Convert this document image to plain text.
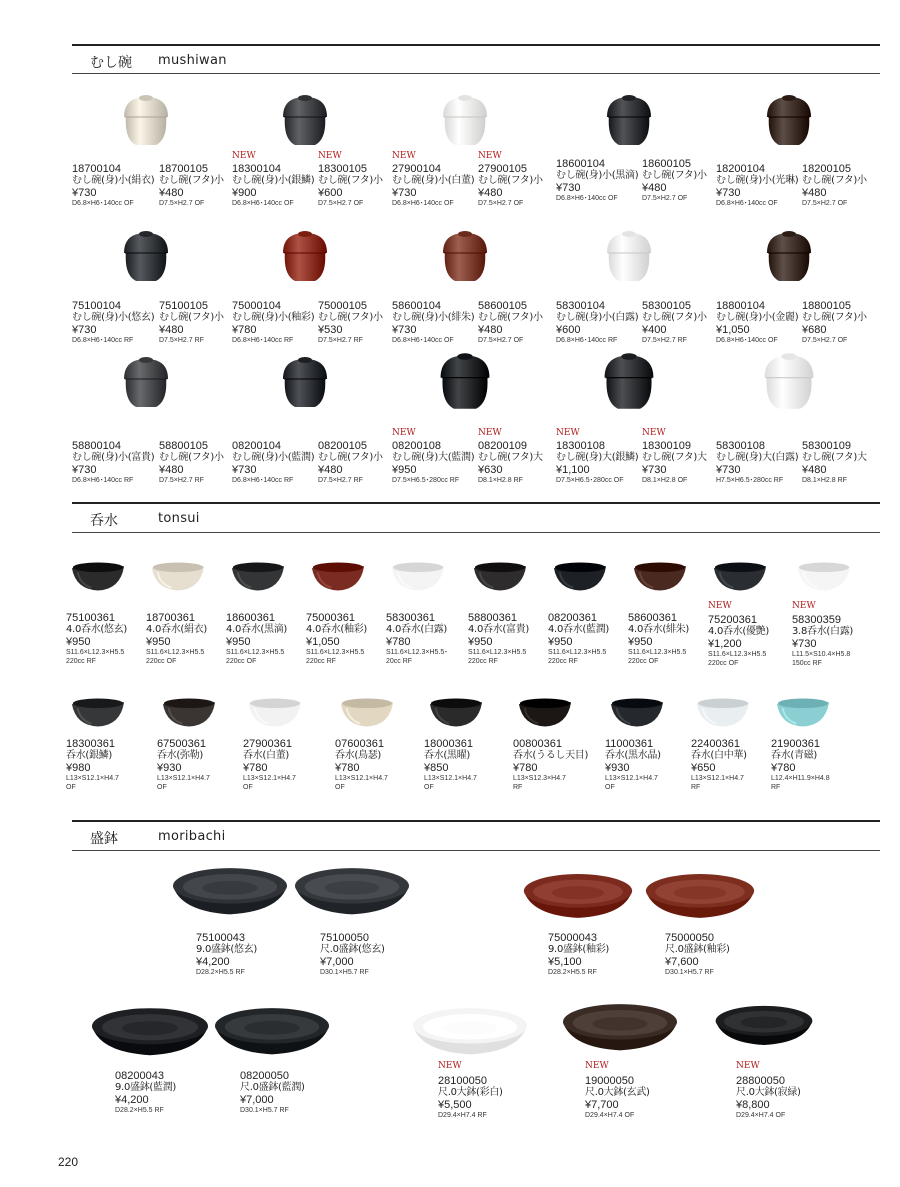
むし碗 mushiwan
呑水	tonsui
盛鉢	moribachi
18700104
むし碗(身)小(絹衣)
¥730
D6.8×H6･140cc OF
18700105
むし碗(フタ)小
¥480
D7.5×H2.7 OF
18300104
むし碗(身)小(銀鱗)
¥900
D6.8×H6･140cc OF
NEW
18300105
むし碗(フタ)小
¥600
D7.5×H2.7 OF
NEW
27900104
むし碗(身)小(白董)
¥730
D6.8×H6･140cc OF
NEW
27900105
むし碗(フタ)小
¥480
D7.5×H2.7 OF
NEW
18600104
むし碗(身)小(黒滴)
¥730
D6.8×H6･140cc OF
18600105
むし碗(フタ)小
¥480
D7.5×H2.7 OF
18200104
むし碗(身)小(光琳)
¥730
D6.8×H6･140cc OF
18200105
むし碗(フタ)小
¥480
D7.5×H2.7 OF
75100104
むし碗(身)小(悠玄)
¥730
D6.8×H6･140cc RF
75100105
むし碗(フタ)小
¥480
D7.5×H2.7 RF
75000104
むし碗(身)小(釉彩)
¥780
D6.8×H6･140cc RF
75000105
むし碗(フタ)小
¥530
D7.5×H2.7 RF
58600104
むし碗(身)小(緋朱)
¥730
D6.8×H6･140cc OF
58600105
むし碗(フタ)小
¥480
D7.5×H2.7 OF
58300104
むし碗(身)小(白露)
¥600
D6.8×H6･140cc RF
58300105
むし碗(フタ)小
¥400
D7.5×H2.7 RF
18800104
むし碗(身)小(金麗)
¥1,050
D6.8×H6･140cc OF
18800105
むし碗(フタ)小
¥680
D7.5×H2.7 OF
58800104
むし碗(身)小(富貴)
¥730
D6.8×H6･140cc RF
58800105
むし碗(フタ)小
¥480
D7.5×H2.7 RF
08200104
むし碗(身)小(藍潤)
¥730
D6.8×H6･140cc RF
08200105
むし碗(フタ)小
¥480
D7.5×H2.7 RF
08200108
むし碗(身)大(藍潤)
¥950
D7.5×H6.5･280cc RF
NEW
08200109
むし碗(フタ)大
¥630
D8.1×H2.8 RF
NEW
18300108
むし碗(身)大(銀鱗)
¥1,100
D7.5×H6.5･280cc OF
NEW
18300109
むし碗(フタ)大
¥730
D8.1×H2.8 OF
NEW
58300108
むし碗(身)大(白露)
¥730
H7.5×H6.5･280cc RF
58300109
むし碗(フタ)大
¥480
D8.1×H2.8 RF
75100361
4.0呑水(悠玄)
¥950
S11.6×L12.3×H5.5
220cc RF
18700361
4.0呑水(絹衣)
¥950
S11.6×L12.3×H5.5
220cc OF
18600361
4.0呑水(黒滴)
¥950
S11.6×L12.3×H5.5
220cc OF
75000361
4.0呑水(釉彩)
¥1,050
S11.6×L12.3×H5.5
220cc RF
58300361
4.0呑水(白露)
¥780
S11.6×L12.3×H5.5･
20cc RF
58800361
4.0呑水(富貴)
¥950
S11.6×L12.3×H5.5
220cc RF
08200361
4.0呑水(藍潤)
¥950
S11.6×L12.3×H5.5
220cc RF
58600361
4.0呑水(緋朱)
¥950
S11.6×L12.3×H5.5
220cc OF
75200361
4.0呑水(優艶)
¥1,200
S11.6×L12.3×H5.5
220cc OF
NEW
58300359
3.8呑水(白露)
¥730
L11.5×S10.4×H5.8
150cc RF
NEW
18300361
呑水(銀鱗)
¥980
L13×S12.1×H4.7
OF
67500361
呑水(弥勒)
¥930
L13×S12.1×H4.7
OF
27900361
呑水(白董)
¥780
L13×S12.1×H4.7
OF
07600361
呑水(鳥瑟)
¥780
L13×S12.1×H4.7
OF
18000361
呑水(黒曜)
¥850
L13×S12.1×H4.7
OF
00800361
呑水(うるし天目)
¥780
L13×S12.3×H4.7
RF
11000361
呑水(黒水晶)
¥930
L13×S12.1×H4.7
OF
22400361
呑水(白中華)
¥650
L13×S12.1×H4.7
RF
21900361
呑水(青磁)
¥780
L12.4×H11.9×H4.8
RF
75100043
9.0盛鉢(悠玄)
¥4,200
D28.2×H5.5 RF
75100050
尺.0盛鉢(悠玄)
¥7,000
D30.1×H5.7 RF
75000043
9.0盛鉢(釉彩)
¥5,100
D28.2×H5.5 RF
75000050
尺.0盛鉢(釉彩)
¥7,600
D30.1×H5.7 RF
08200043
9.0盛鉢(藍潤)
¥4,200
D28.2×H5.5 RF
08200050
尺.0盛鉢(藍潤)
¥7,000
D30.1×H5.7 RF
28100050
尺.0大鉢(彩白)
¥5,500
D29.4×H7.4 RF
NEW
19000050
尺.0大鉢(玄武)
¥7,700
D29.4×H7.4 OF
NEW
28800050
尺.0大鉢(寂緑)
¥8,800
D29.4×H7.4 OF
NEW
220
